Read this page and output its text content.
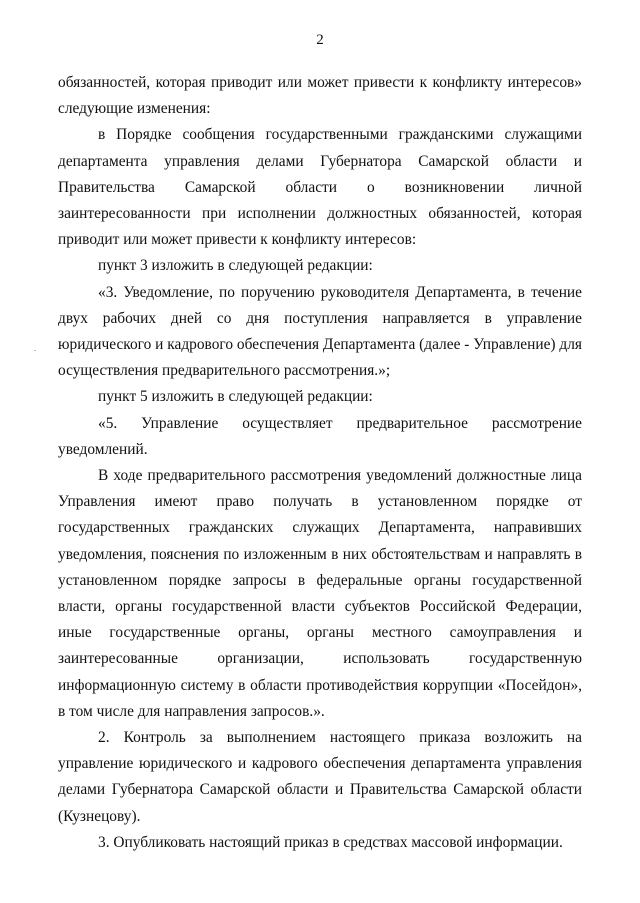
2

обязанностей, которая приводит или может привести к конфликту интересов» следующие изменения:

в Порядке сообщения государственными гражданскими служащими департамента управления делами Губернатора Самарской области и Правительства Самарской области о возникновении личной заинтересованности при исполнении должностных обязанностей, которая приводит или может привести к конфликту интересов:

пункт 3 изложить в следующей редакции:

«3. Уведомление, по поручению руководителя Департамента, в течение двух рабочих дней со дня поступления направляется в управление юридического и кадрового обеспечения Департамента (далее - Управление) для осуществления предварительного рассмотрения.»;

пункт 5 изложить в следующей редакции:

«5. Управление осуществляет предварительное рассмотрение уведомлений.

В ходе предварительного рассмотрения уведомлений должностные лица Управления имеют право получать в установленном порядке от государственных гражданских служащих Департамента, направивших уведомления, пояснения по изложенным в них обстоятельствам и направлять в установленном порядке запросы в федеральные органы государственной власти, органы государственной власти субъектов Российской Федерации, иные государственные органы, органы местного самоуправления и заинтересованные организации, использовать государственную информационную систему в области противодействия коррупции «Посейдон», в том числе для направления запросов.».

2. Контроль за выполнением настоящего приказа возложить на управление юридического и кадрового обеспечения департамента управления делами Губернатора Самарской области и Правительства Самарской области (Кузнецову).

3. Опубликовать настоящий приказ в средствах массовой информации.
